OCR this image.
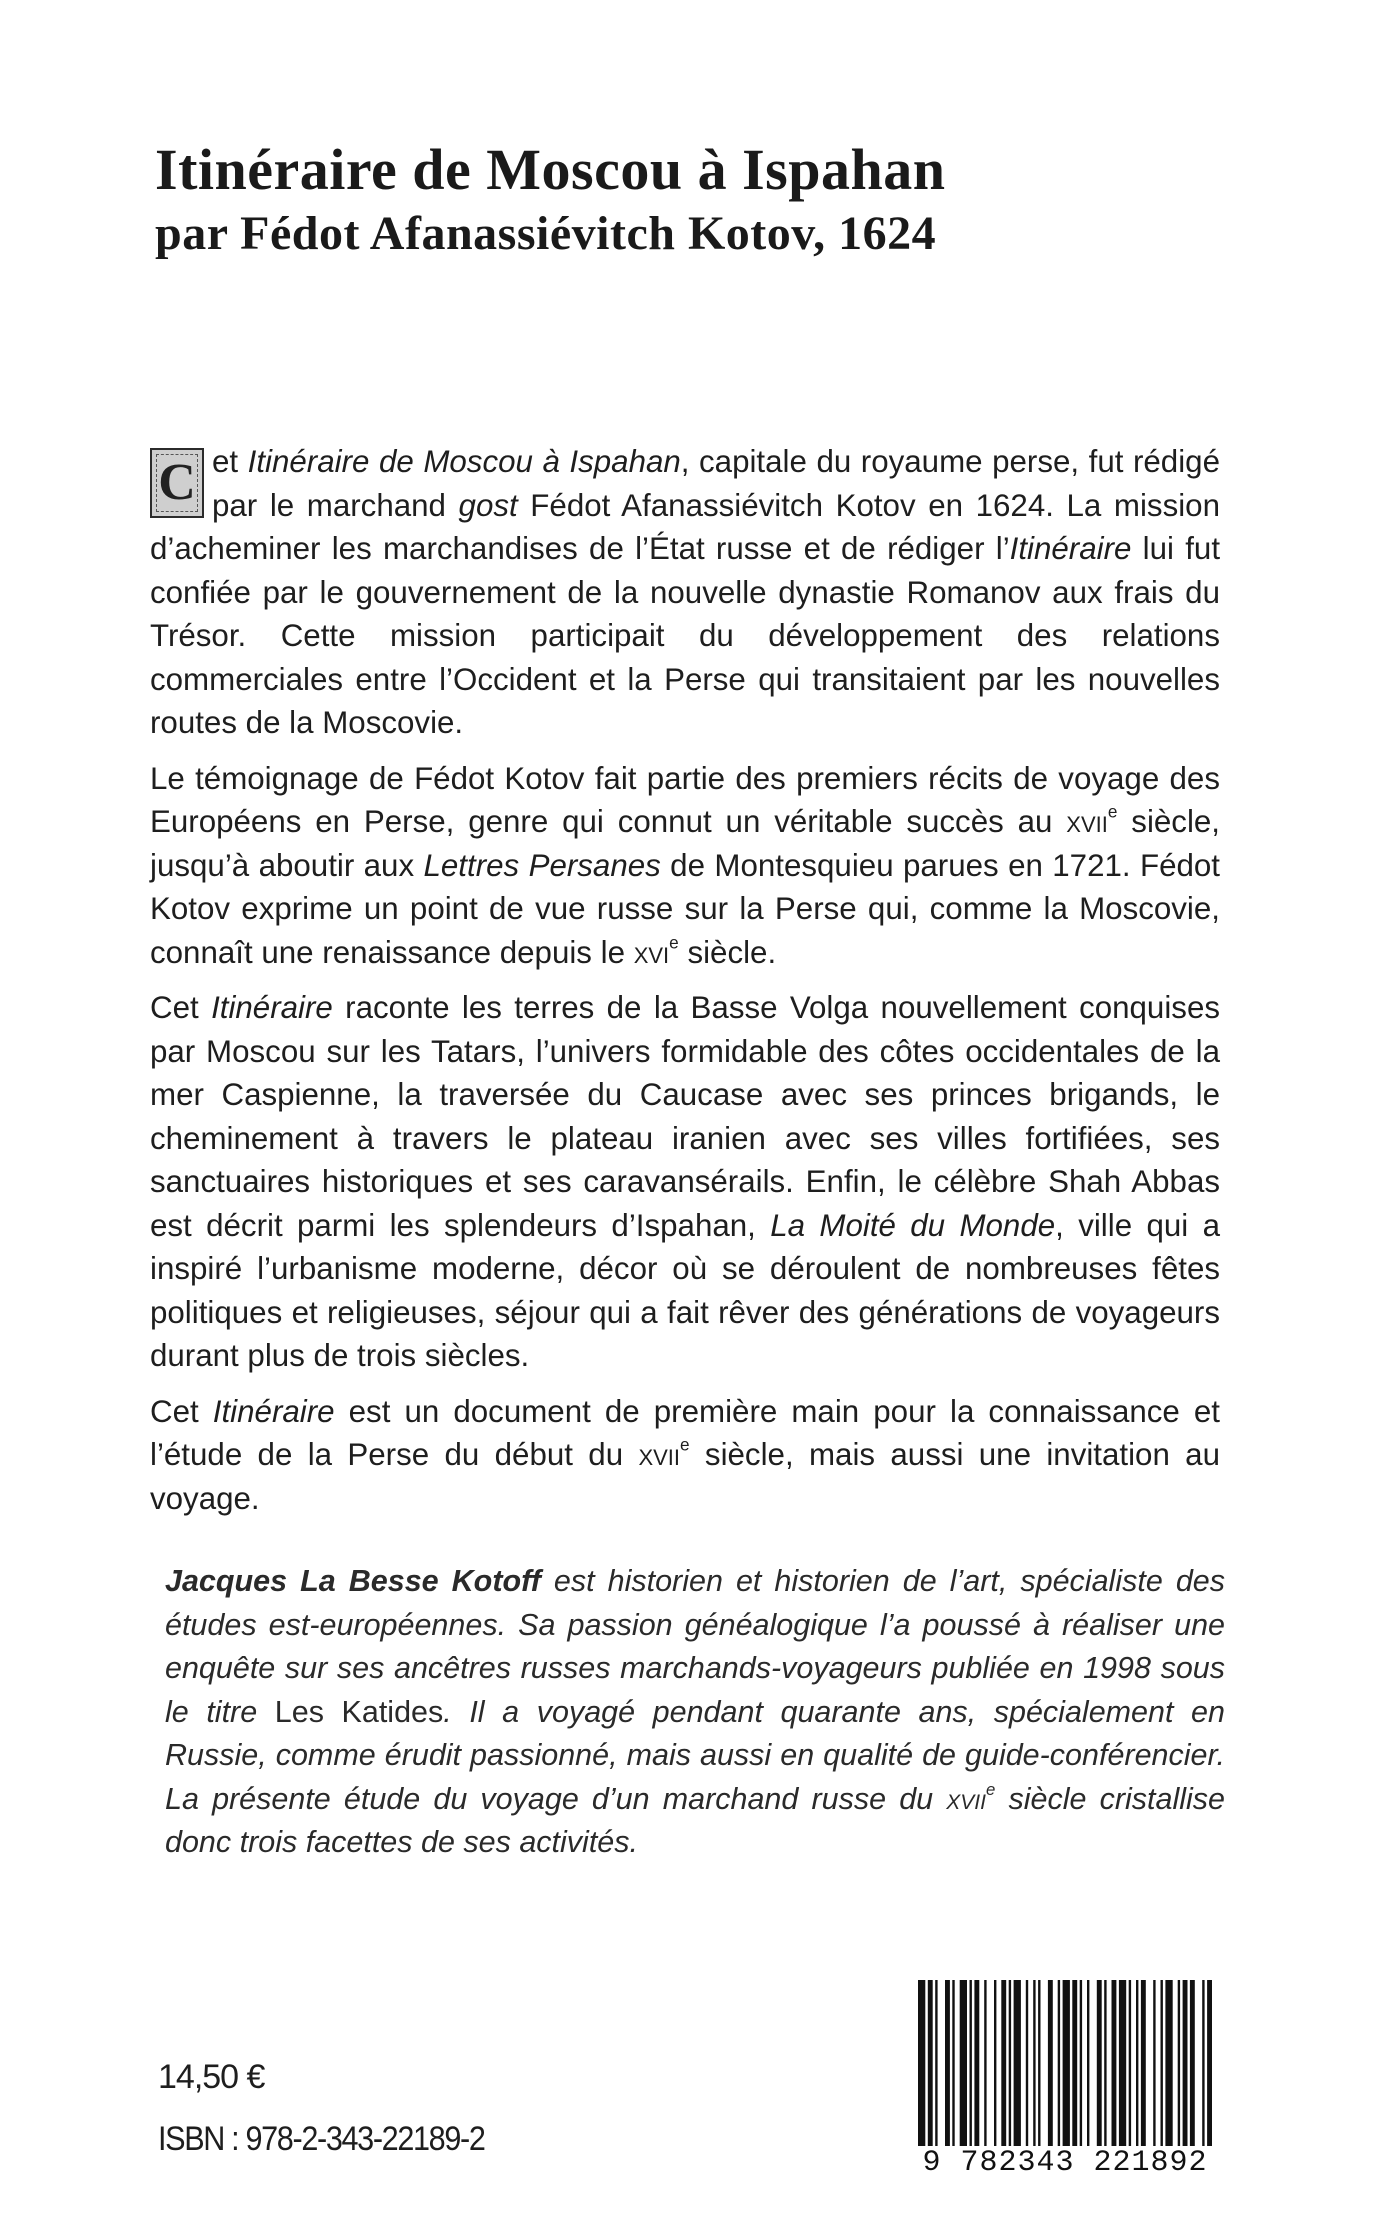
Itinéraire de Moscou à Ispahan
par Fédot Afanassiévitch Kotov, 1624

C et Itinéraire de Moscou à Ispahan, capitale du royaume perse, fut rédigé par le marchand gost Fédot Afanassiévitch Kotov en 1624. La mission d’acheminer les marchandises de l’État russe et de rédiger l’Itinéraire lui fut confiée par le gouvernement de la nouvelle dynastie Romanov aux frais du Trésor. Cette mission participait du développement des relations commerciales entre l’Occident et la Perse qui transitaient par les nouvelles routes de la Moscovie.

Le témoignage de Fédot Kotov fait partie des premiers récits de voyage des Européens en Perse, genre qui connut un véritable succès au xvii$^e$ siècle, jusqu’à aboutir aux Lettres Persanes de Montesquieu parues en 1721. Fédot Kotov exprime un point de vue russe sur la Perse qui, comme la Moscovie, connaît une renaissance depuis le xvi$^e$ siècle.

Cet Itinéraire raconte les terres de la Basse Volga nouvellement conquises par Moscou sur les Tatars, l’univers formidable des côtes occidentales de la mer Caspienne, la traversée du Caucase avec ses princes brigands, le cheminement à travers le plateau iranien avec ses villes fortifiées, ses sanctuaires historiques et ses caravansérails. Enfin, le célèbre Shah Abbas est décrit parmi les splendeurs d’Ispahan, La Moité du Monde, ville qui a inspiré l’urbanisme moderne, décor où se déroulent de nombreuses fêtes politiques et religieuses, séjour qui a fait rêver des générations de voyageurs durant plus de trois siècles.

Cet Itinéraire est un document de première main pour la connaissance et l’étude de la Perse du début du xvii$^e$ siècle, mais aussi une invitation au voyage.

Jacques La Besse Kotoff est historien et historien de l’art, spécialiste des études est-européennes. Sa passion généalogique l’a poussé à réaliser une enquête sur ses ancêtres russes marchands-voyageurs publiée en 1998 sous le titre Les Katides. Il a voyagé pendant quarante ans, spécialement en Russie, comme érudit passionné, mais aussi en qualité de guide-conférencier. La présente étude du voyage d’un marchand russe du xvii$^e$ siècle cristallise donc trois facettes de ses activités.
14,50 €
ISBN : 978-2-343-22189-2
9 782343 221892
